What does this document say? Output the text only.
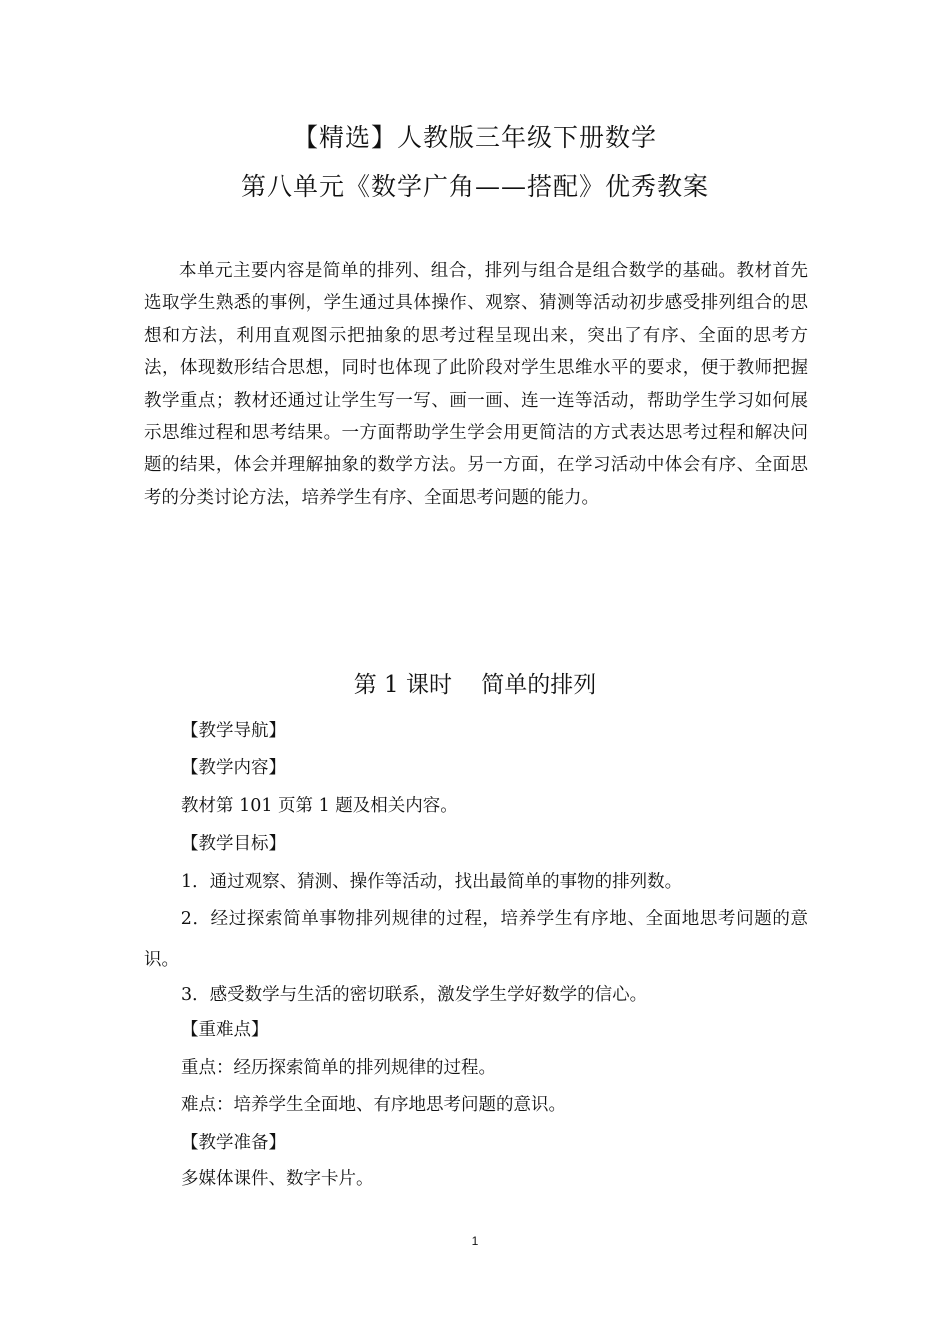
【精选】人教版三年级下册数学
第八单元《数学广角——搭配》优秀教案

本单元主要内容是简单的排列、组合，排列与组合是组合数学的基础。教材首先选取学生熟悉的事例，学生通过具体操作、观察、猜测等活动初步感受排列组合的思想和方法，利用直观图示把抽象的思考过程呈现出来，突出了有序、全面的思考方法，体现数形结合思想，同时也体现了此阶段对学生思维水平的要求，便于教师把握教学重点；教材还通过让学生写一写、画一画、连一连等活动，帮助学生学习如何展示思维过程和思考结果。一方面帮助学生学会用更简洁的方式表达思考过程和解决问题的结果，体会并理解抽象的数学方法。另一方面，在学习活动中体会有序、全面思考的分类讨论方法，培养学生有序、全面思考问题的能力。

第 1 课时    简单的排列
【教学导航】
【教学内容】
教材第 101 页第 1 题及相关内容。
【教学目标】
1．通过观察、猜测、操作等活动，找出最简单的事物的排列数。

2．经过探索简单事物排列规律的过程，培养学生有序地、全面地思考问题的意识。

3．感受数学与生活的密切联系，激发学生学好数学的信心。
【重难点】
重点：经历探索简单的排列规律的过程。
难点：培养学生全面地、有序地思考问题的意识。
【教学准备】
多媒体课件、数字卡片。
1
